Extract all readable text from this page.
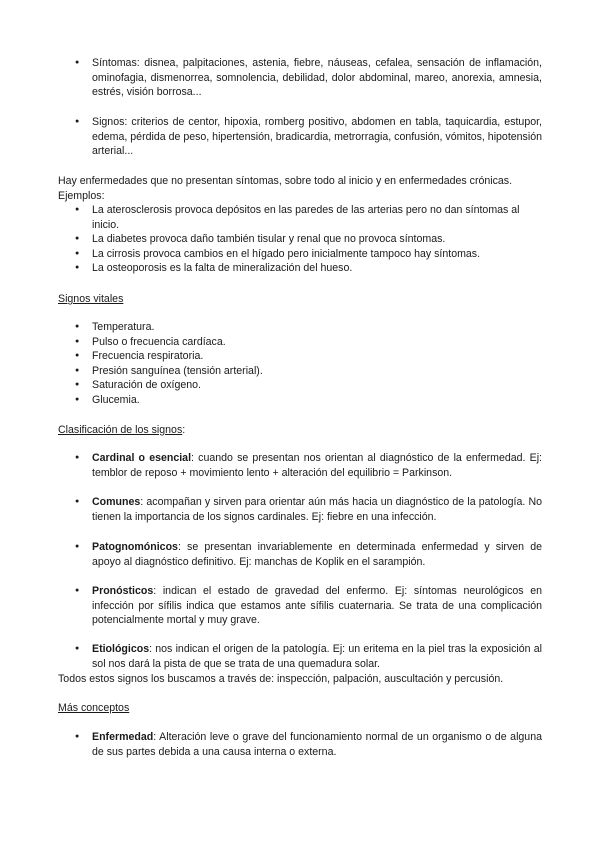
● Síntomas: disnea, palpitaciones, astenia, fiebre, náuseas, cefalea, sensación de inflamación, ominofagia, dismenorrea, somnolencia, debilidad, dolor abdominal, mareo, anorexia, amnesia, estrés, visión borrosa...
● Signos: criterios de centor, hipoxia, romberg positivo, abdomen en tabla, taquicardia, estupor, edema, pérdida de peso, hipertensión, bradicardia, metrorragia, confusión, vómitos, hipotensión arterial...
Hay enfermedades que no presentan síntomas, sobre todo al inicio y en enfermedades crónicas.
Ejemplos:
● La aterosclerosis provoca depósitos en las paredes de las arterias pero no dan síntomas al inicio.
● La diabetes provoca daño también tisular y renal que no provoca síntomas.
● La cirrosis provoca cambios en el hígado pero inicialmente tampoco hay síntomas.
● La osteoporosis es la falta de mineralización del hueso.
Signos vitales
● Temperatura.
● Pulso o frecuencia cardíaca.
● Frecuencia respiratoria.
● Presión sanguínea (tensión arterial).
● Saturación de oxígeno.
● Glucemia.
Clasificación de los signos:
● Cardinal o esencial: cuando se presentan nos orientan al diagnóstico de la enfermedad. Ej: temblor de reposo + movimiento lento + alteración del equilibrio = Parkinson.
● Comunes: acompañan y sirven para orientar aún más hacia un diagnóstico de la patología. No tienen la importancia de los signos cardinales. Ej: fiebre en una infección.
● Patognomónicos: se presentan invariablemente en determinada enfermedad y sirven de apoyo al diagnóstico definitivo. Ej: manchas de Koplik en el sarampión.
● Pronósticos: indican el estado de gravedad del enfermo. Ej: síntomas neurológicos en infección por sífilis indica que estamos ante sífilis cuaternaria. Se trata de una complicación potencialmente mortal y muy grave.
● Etiológicos: nos indican el origen de la patología. Ej: un eritema en la piel tras la exposición al sol nos dará la pista de que se trata de una quemadura solar.
Todos estos signos los buscamos a través de: inspección, palpación, auscultación y percusión.
Más conceptos
● Enfermedad: Alteración leve o grave del funcionamiento normal de un organismo o de alguna de sus partes debida a una causa interna o externa.
